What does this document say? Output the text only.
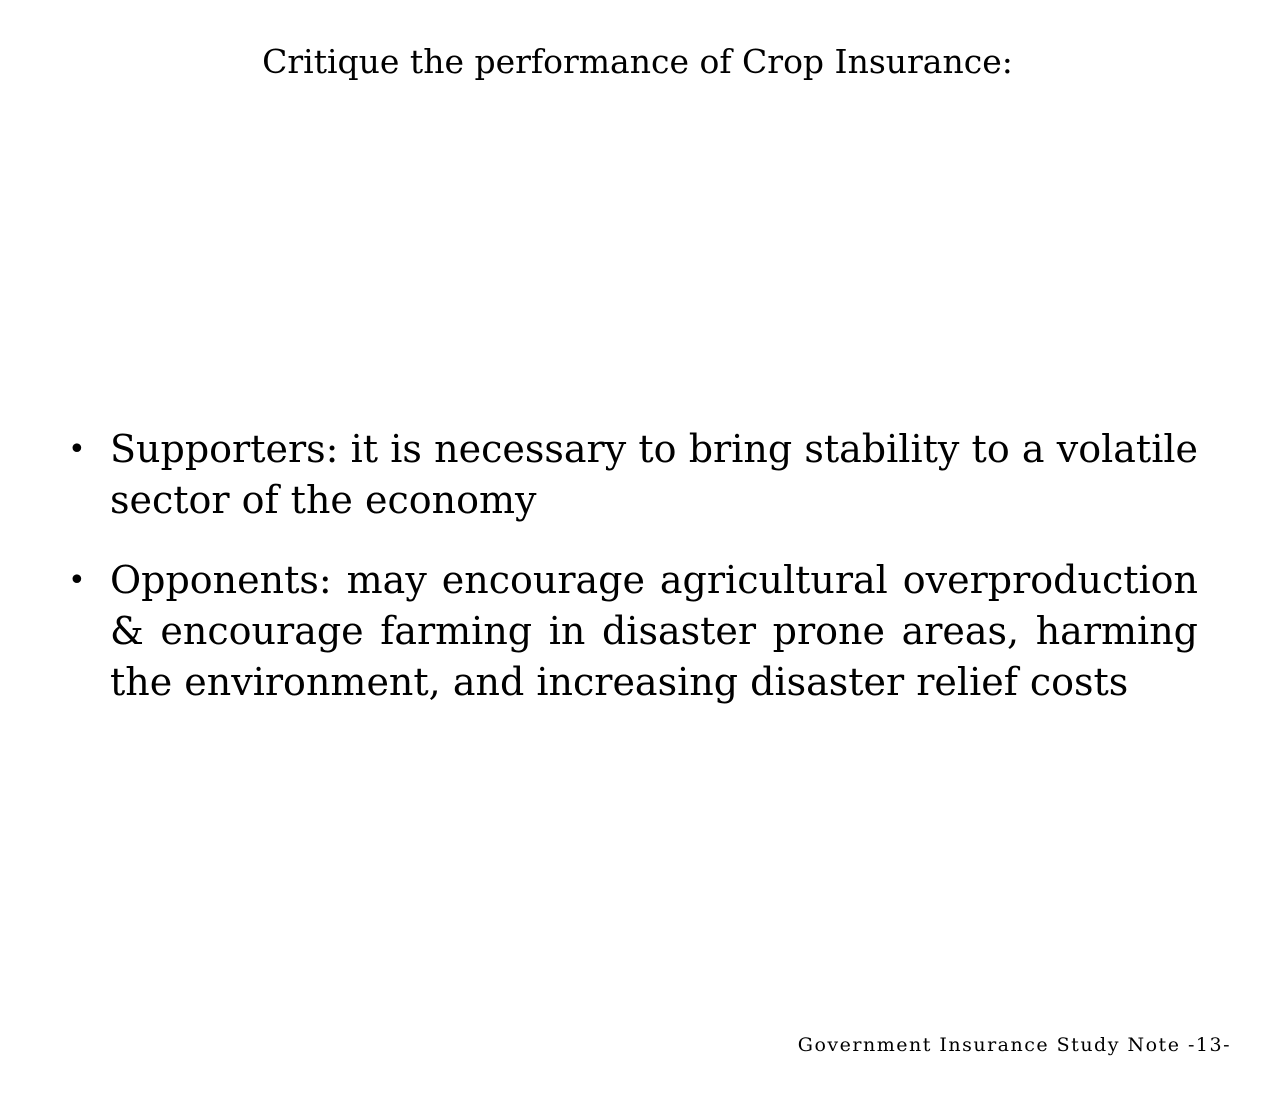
Critique the performance of Crop Insurance:
• Supporters: it is necessary to bring stability to a volatile sector of the economy
• Opponents: may encourage agricultural overproduction & encourage farming in disaster prone areas, harming the environment, and increasing disaster relief costs
Government Insurance Study Note -13-
